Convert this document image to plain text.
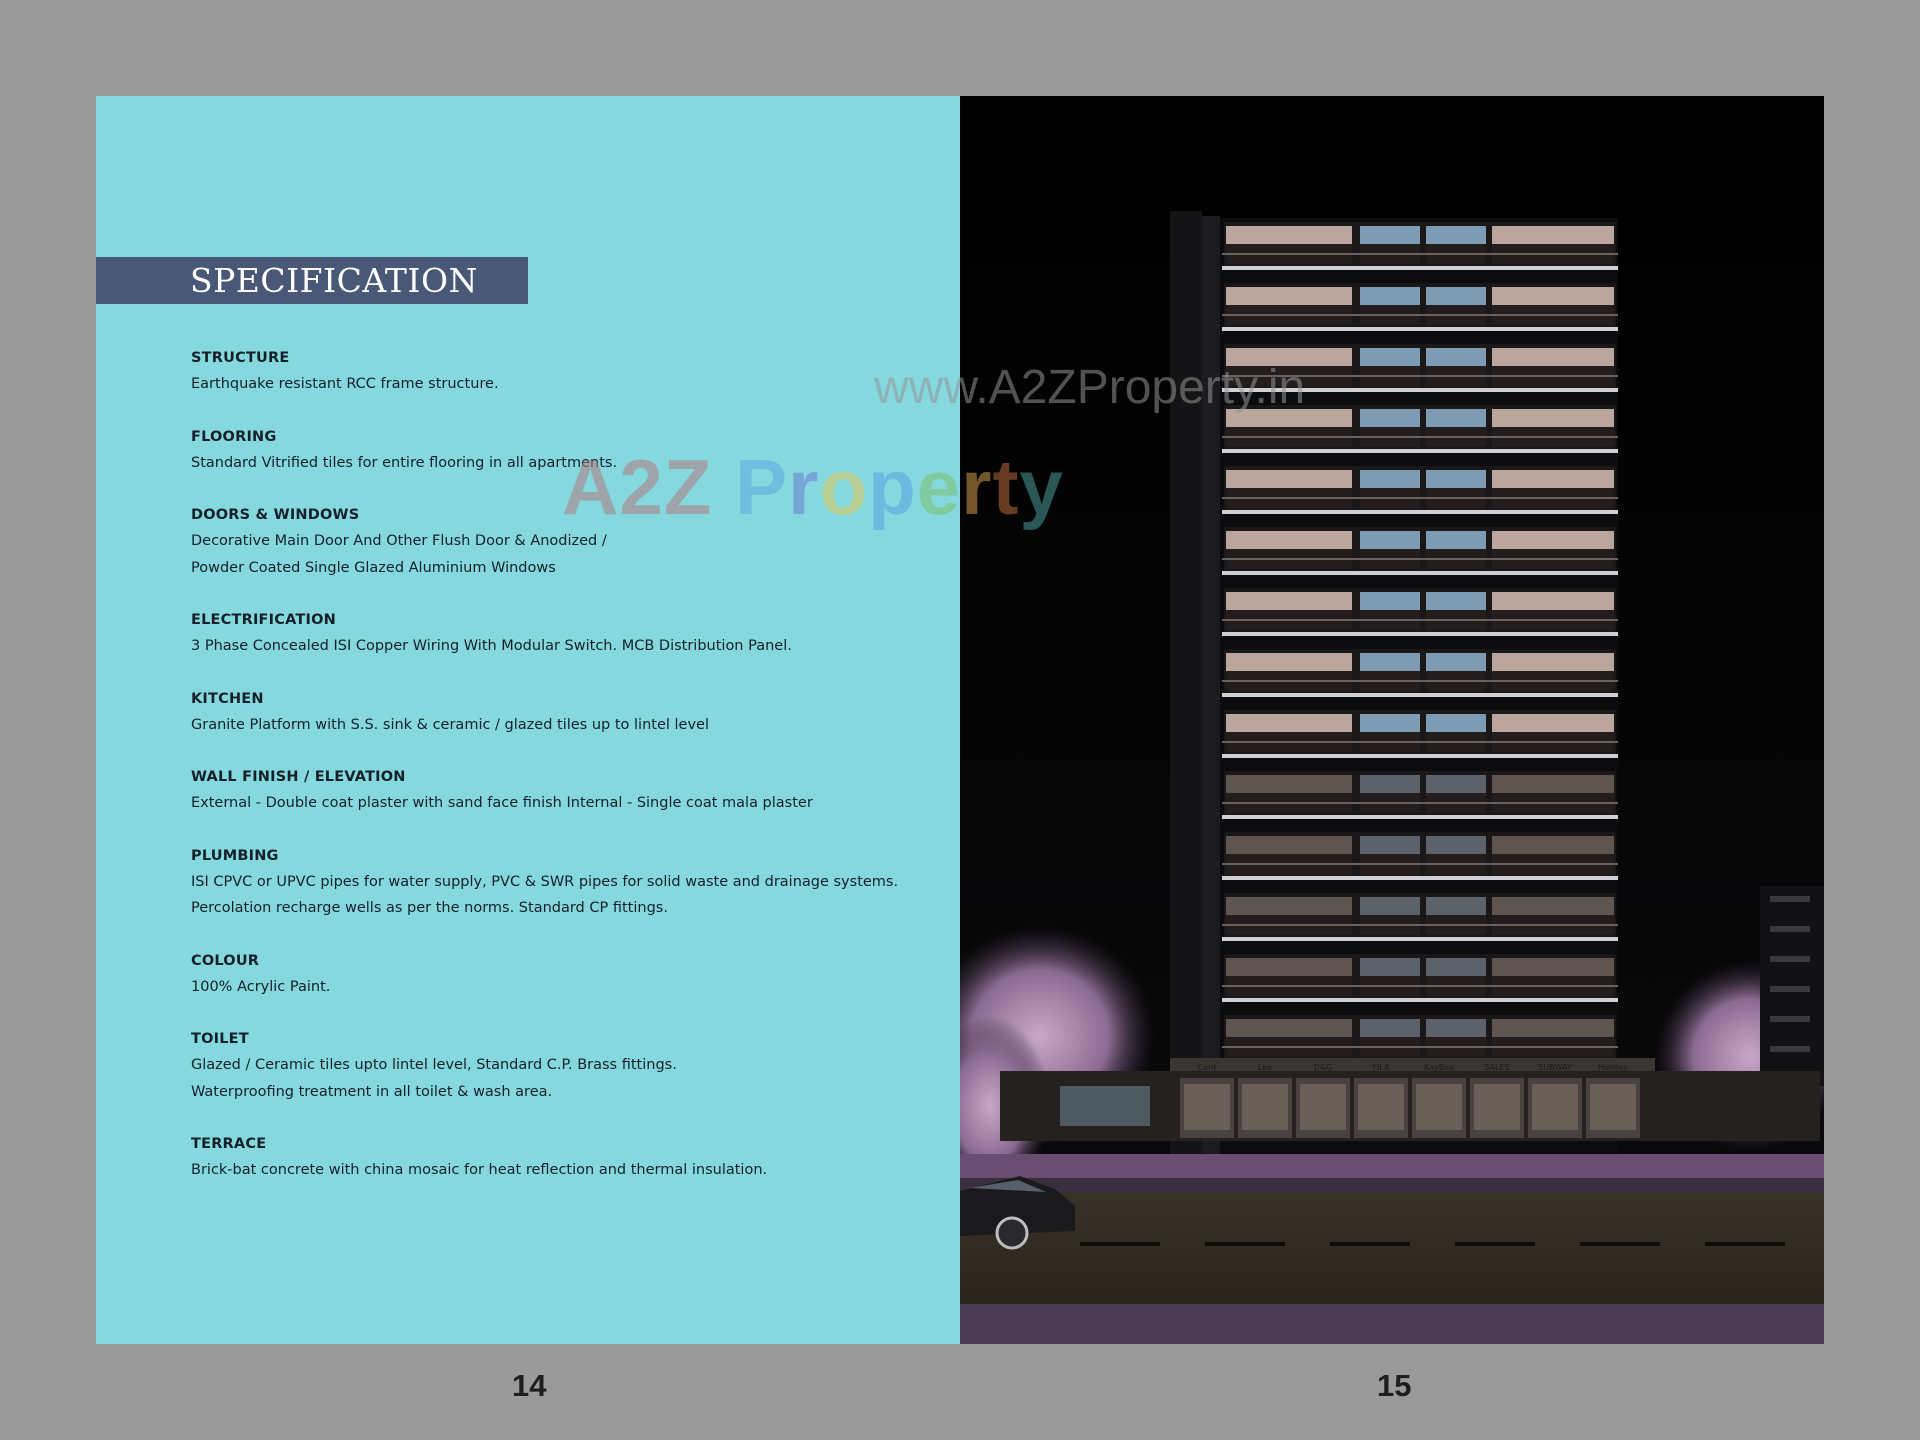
SPECIFICATION
STRUCTURE
Earthquake resistant RCC frame structure.
FLOORING
Standard Vitrified tiles for entire flooring in all apartments.
DOORS & WINDOWS
Decorative Main Door And Other Flush Door & Anodized /
Powder Coated Single Glazed Aluminium Windows
ELECTRIFICATION
3 Phase Concealed ISI Copper Wiring With Modular Switch. MCB Distribution Panel.
KITCHEN
Granite Platform with S.S. sink & ceramic / glazed tiles up to lintel level
WALL FINISH / ELEVATION
External - Double coat plaster with sand face finish Internal - Single coat mala plaster
PLUMBING
ISI CPVC or UPVC pipes for water supply, PVC & SWR pipes for solid waste and drainage systems.
Percolation recharge wells as per the norms. Standard CP fittings.
COLOUR
100% Acrylic Paint.
TOILET
Glazed / Ceramic tiles upto lintel level, Standard C.P. Brass fittings.
Waterproofing treatment in all toilet & wash area.
TERRACE
Brick-bat concrete with china mosaic for heat reflection and thermal insulation.
Cent	Lee	D&G	FILA	KayBee	SALES	SUBWAY	Holiday
www.A2ZProperty.in
A2Z Property
14	15
